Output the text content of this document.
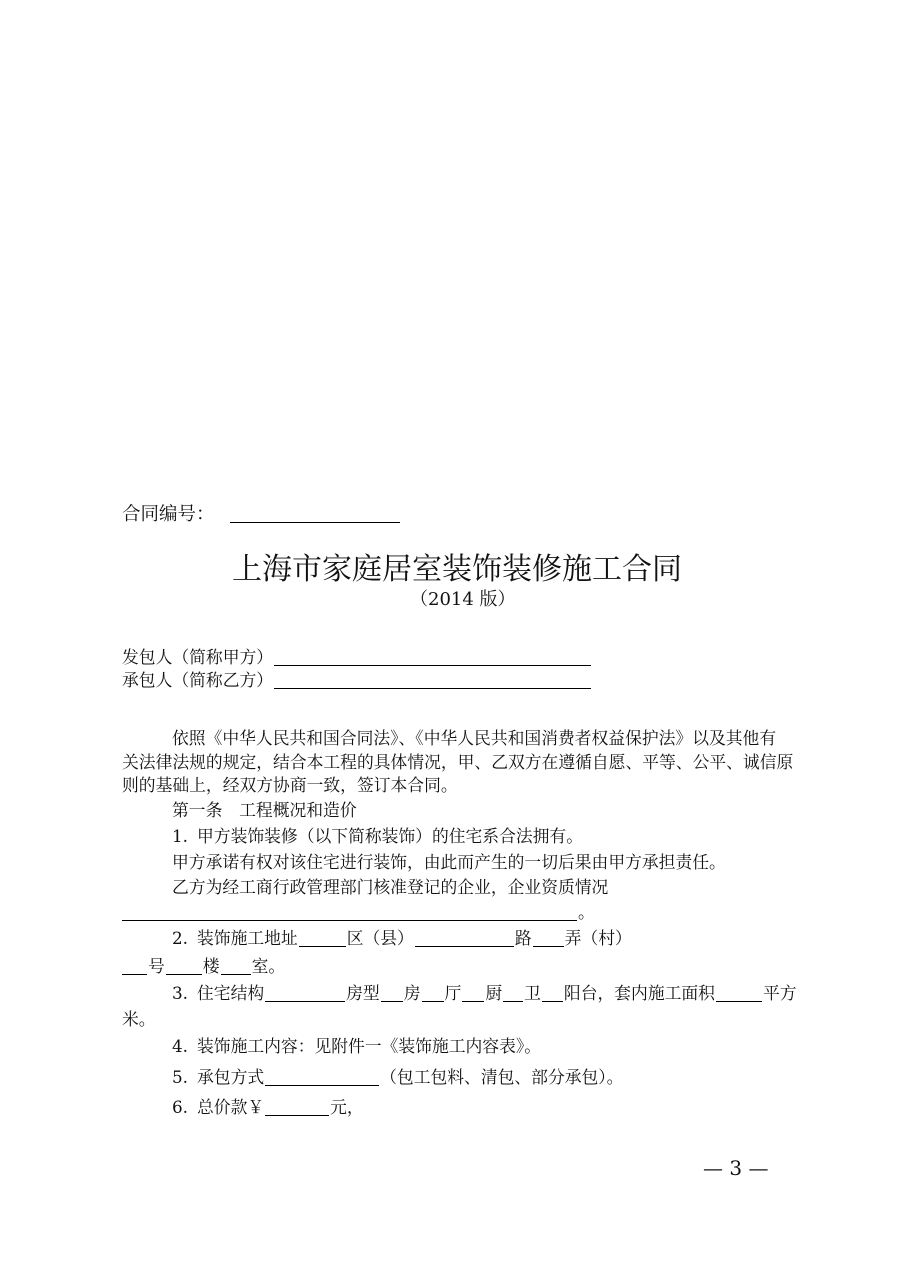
合同编号：
上海市家庭居室装饰装修施工合同
（2014 版）
发包人（简称甲方）
承包人（简称乙方）
依照《中华人民共和国合同法》、《中华人民共和国消费者权益保护法》以及其他有
关法律法规的规定，结合本工程的具体情况，甲、乙双方在遵循自愿、平等、公平、诚信原
则的基础上，经双方协商一致，签订本合同。
第一条　工程概况和造价
1. 甲方装饰装修（以下简称装饰）的住宅系合法拥有。
甲方承诺有权对该住宅进行装饰，由此而产生的一切后果由甲方承担责任。
乙方为经工商行政管理部门核准登记的企业，企业资质情况
。
2. 装饰施工地址	区（县）	路 弄（村）
号 楼 室。
3. 住宅结构	房型 房 厅 厨 卫 阳台，套内施工面积	平方
米。
4. 装饰施工内容：见附件一《装饰施工内容表》。
5. 承包方式	（包工包料、清包、部分承包）。
6. 总价款￥	元，
— 3 —
